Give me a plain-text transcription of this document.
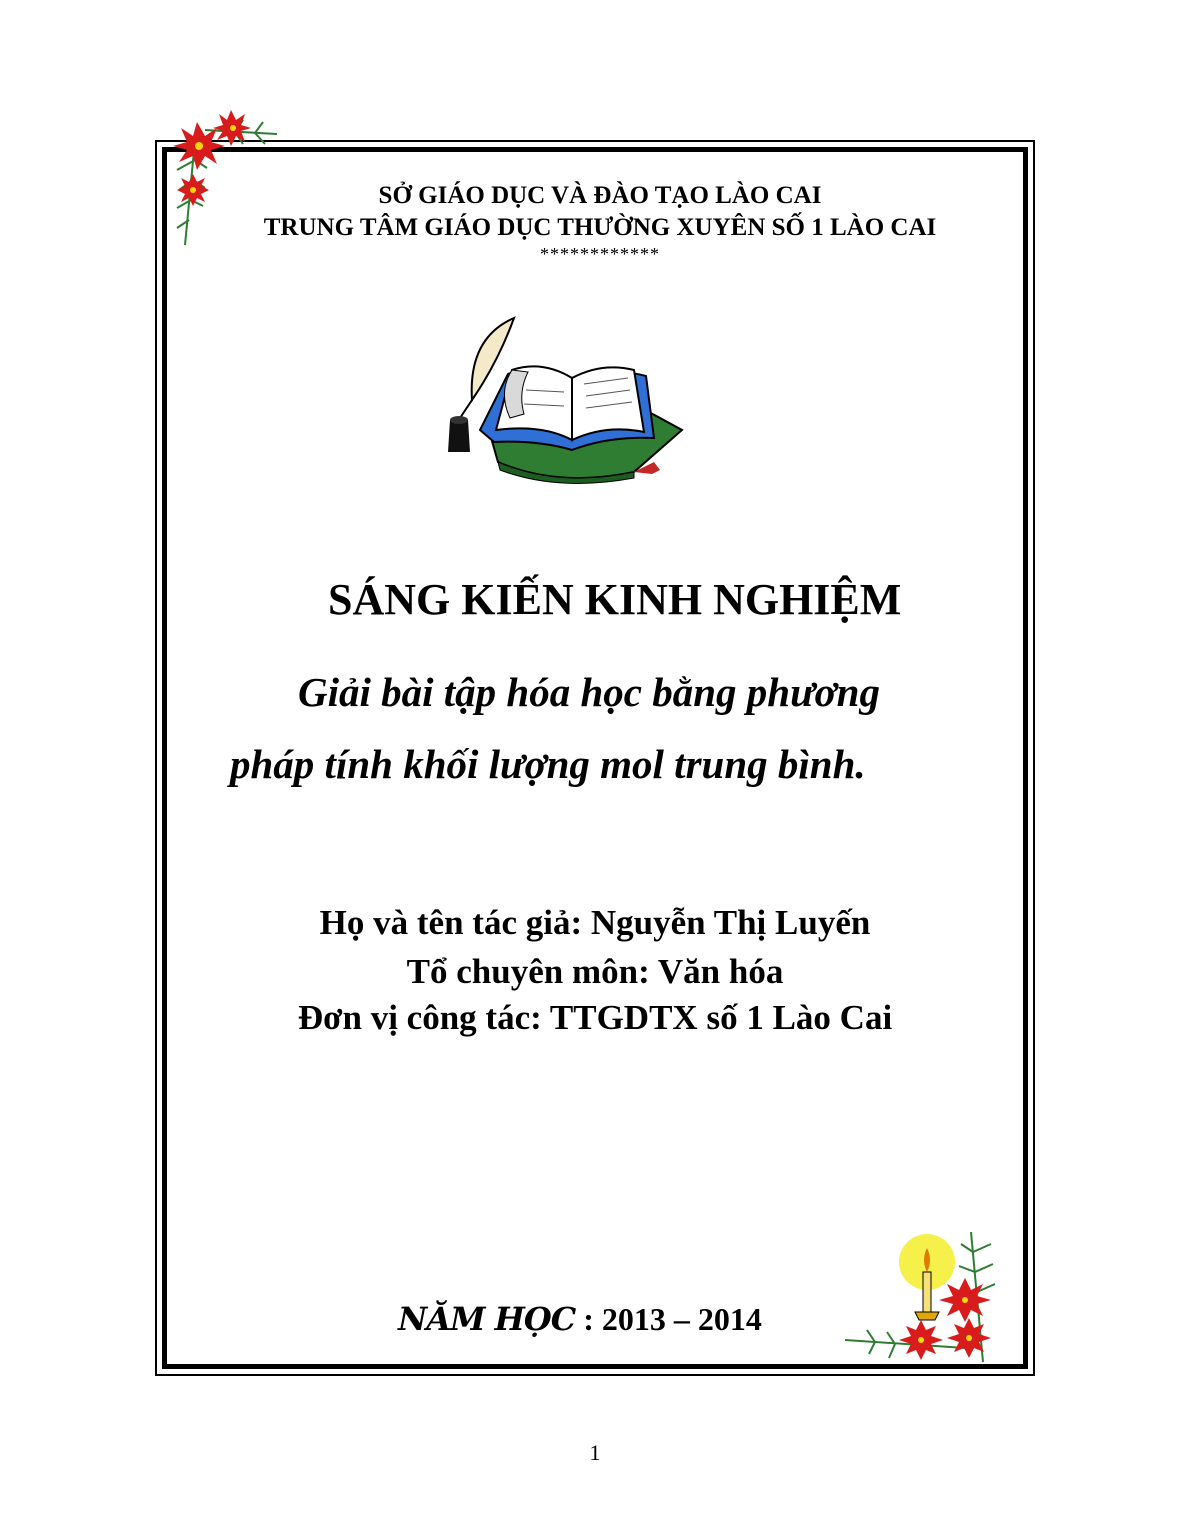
SỞ GIÁO DỤC VÀ ĐÀO TẠO LÀO CAI
TRUNG TÂM GIÁO DỤC THƯỜNG XUYÊN SỐ 1 LÀO CAI
************
SÁNG KIẾN KINH NGHIỆM
Giải bài tập hóa học bằng phương
pháp tính khối lượng mol trung bình.
Họ và tên tác giả: Nguyễn Thị Luyến
Tổ chuyên môn: Văn hóa
Đơn vị công tác: TTGDTX số 1 Lào Cai
NĂM HỌC : 2013 – 2014
1
